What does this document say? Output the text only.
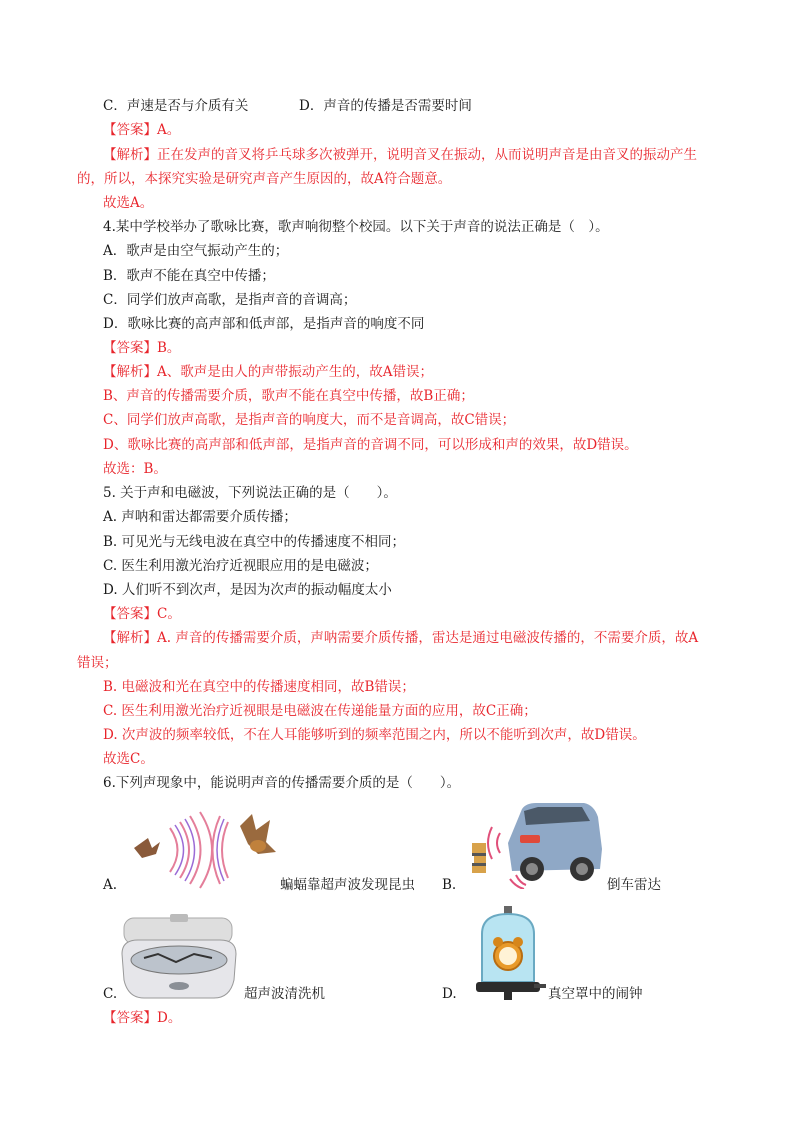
C．声速是否与介质有关	D．声音的传播是否需要时间
【答案】A。
【解析】正在发声的音叉将乒乓球多次被弹开，说明音叉在振动，从而说明声音是由音叉的振动产生
的，所以，本探究实验是研究声音产生原因的，故A符合题意。
故选A。
4.某中学校举办了歌咏比赛，歌声响彻整个校园。以下关于声音的说法正确是（　）。
A．歌声是由空气振动产生的；
B．歌声不能在真空中传播；
C．同学们放声高歌，是指声音的音调高；
D．歌咏比赛的高声部和低声部，是指声音的响度不同
【答案】B。
【解析】A、歌声是由人的声带振动产生的，故A错误；
B、声音的传播需要介质，歌声不能在真空中传播，故B正确；
C、同学们放声高歌，是指声音的响度大，而不是音调高，故C错误；
D、歌咏比赛的高声部和低声部，是指声音的音调不同，可以形成和声的效果，故D错误。
故选：B。
5. 关于声和电磁波，下列说法正确的是（　　）。
A. 声呐和雷达都需要介质传播；
B. 可见光与无线电波在真空中的传播速度不相同；
C. 医生利用激光治疗近视眼应用的是电磁波；
D. 人们听不到次声，是因为次声的振动幅度太小
【答案】C。
【解析】A. 声音的传播需要介质，声呐需要介质传播，雷达是通过电磁波传播的，不需要介质，故A
错误；
B. 电磁波和光在真空中的传播速度相同，故B错误；
C. 医生利用激光治疗近视眼是电磁波在传递能量方面的应用，故C正确；
D. 次声波的频率较低，不在人耳能够听到的频率范围之内，所以不能听到次声，故D错误。
故选C。
6.下列声现象中，能说明声音的传播需要介质的是（　　）。
A.	蝙蝠靠超声波发现昆虫 B.	倒车雷达
C.	超声波清洗机	D.	真空罩中的闹钟
【答案】D。
